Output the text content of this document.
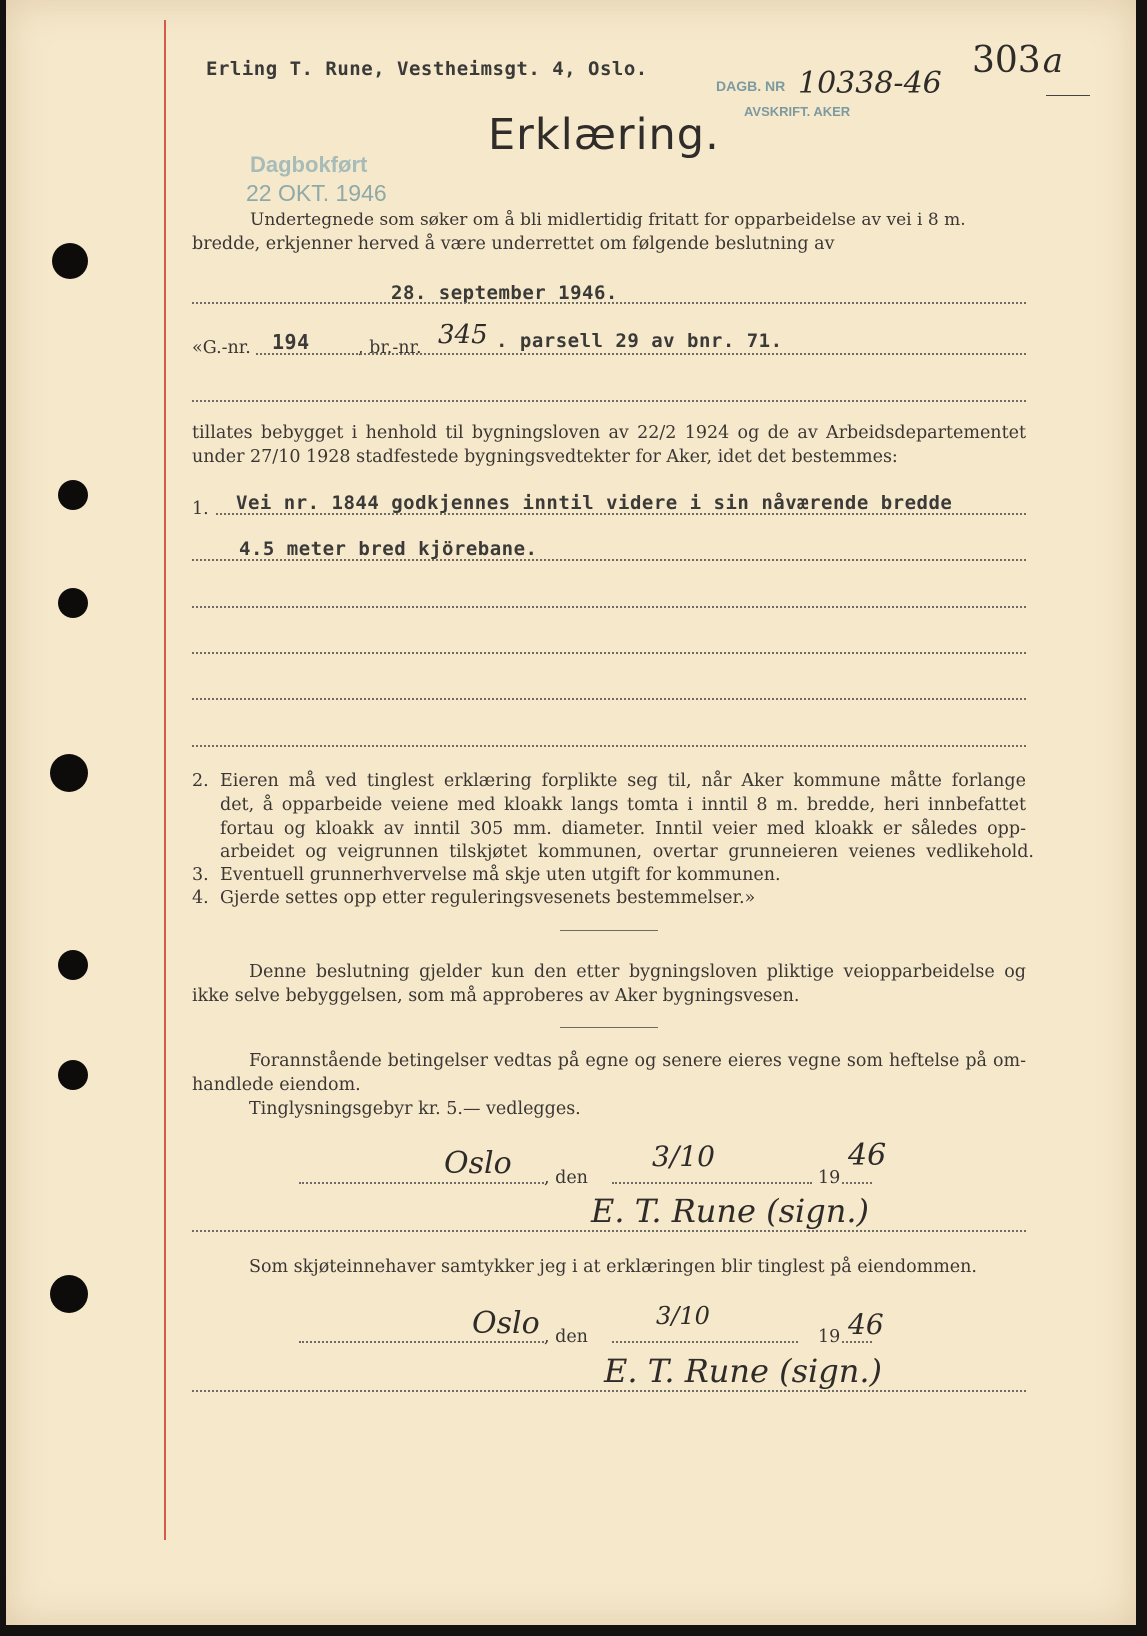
Erling T. Rune, Vestheimsgt. 4, Oslo.
DAGB. NR 10338-46
AVSKRIFT. AKER
303a
Erklæring.
Dagbokført
22 OKT. 1946
Undertegnede som søker om å bli midlertidig fritatt for opparbeidelse av vei i 8 m.
bredde, erkjenner herved å være underrettet om følgende beslutning av
28. september 1946.
«G.-nr. 194	, br.-nr. 345 . parsell 29 av bnr. 71.
tillates bebygget i henhold til bygningsloven av 22/2 1924 og de av Arbeidsdepartementet
under 27/10 1928 stadfestede bygningsvedtekter for Aker, idet det bestemmes:
1. Vei nr. 1844 godkjennes inntil videre i sin nåværende bredde
4.5 meter bred kjörebane.
2. Eieren må ved tinglest erklæring forplikte seg til, når Aker kommune måtte forlange
det, å opparbeide veiene med kloakk langs tomta i inntil 8 m. bredde, heri innbefattet
fortau og kloakk av inntil 305 mm. diameter. Inntil veier med kloakk er således opp-
arbeidet og veigrunnen tilskjøtet kommunen, overtar grunneieren veienes vedlikehold.
3. Eventuell grunnerhvervelse må skje uten utgift for kommunen.
4. Gjerde settes opp etter reguleringsvesenets bestemmelser.»
Denne beslutning gjelder kun den etter bygningsloven pliktige veiopparbeidelse og
ikke selve bebyggelsen, som må approberes av Aker bygningsvesen.
Forannstående betingelser vedtas på egne og senere eieres vegne som heftelse på om-
handlede eiendom.
Tinglysningsgebyr kr. 5.— vedlegges.
Oslo , den
3/10
19
46
E. T. Rune (sign.)
Som skjøteinnehaver samtykker jeg i at erklæringen blir tinglest på eiendommen.
Oslo , den
3/10
19 46
E. T. Rune (sign.)
